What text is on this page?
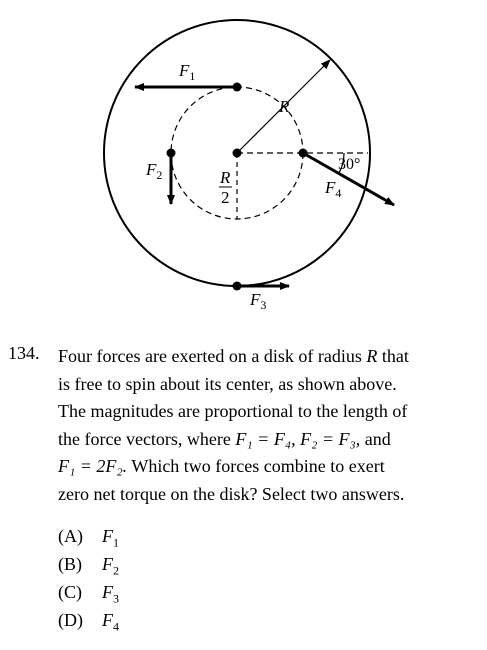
R
R
2
$F_1$
$F_2$
$F_3$
$F_4$
30°
134. Four forces are exerted on a disk of radius R that
is free to spin about its center, as shown above.
The magnitudes are proportional to the length of
the force vectors, where F₁ = F₄, F₂ = F₃, and
F₁ = 2F₂. Which two forces combine to exert
zero net torque on the disk? Select two answers.
(A) $F_1$
(B) $F_2$
(C) $F_3$
(D) $F_4$
